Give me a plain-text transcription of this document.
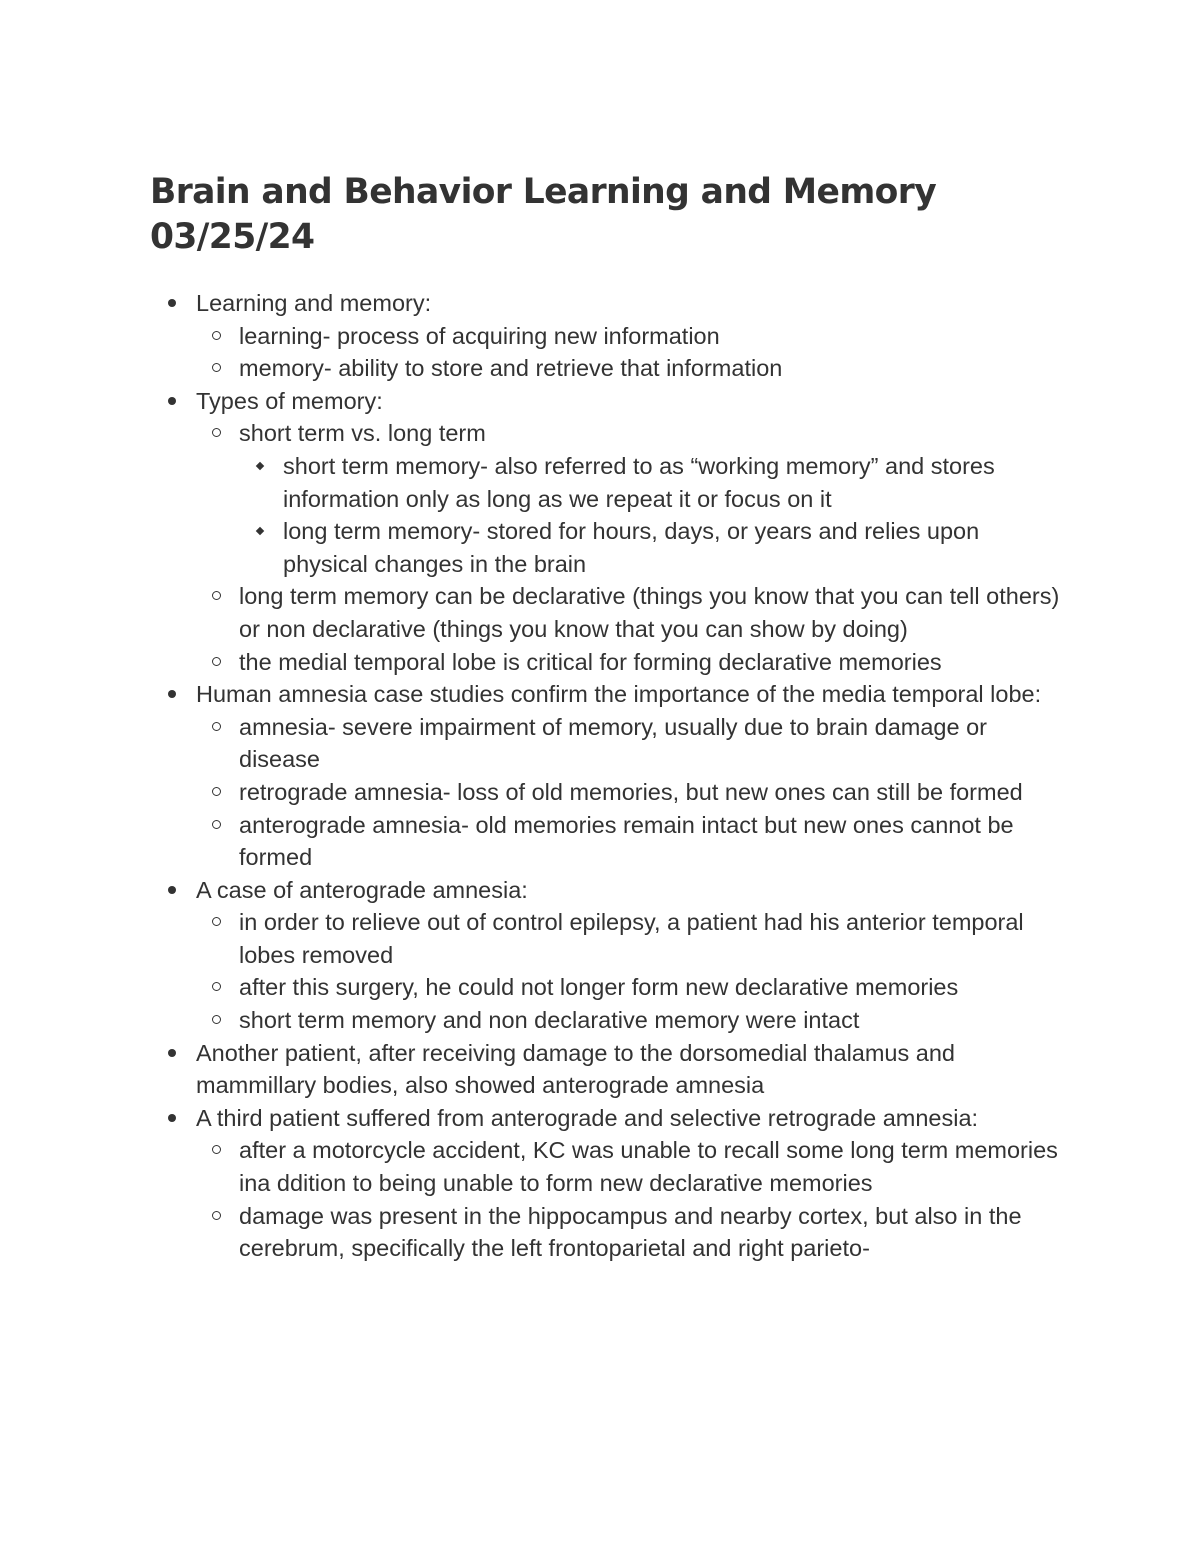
Brain and Behavior Learning and Memory 03/25/24
Learning and memory:
learning- process of acquiring new information
memory- ability to store and retrieve that information
Types of memory:
short term vs. long term
short term memory- also referred to as “working memory” and stores information only as long as we repeat it or focus on it
long term memory- stored for hours, days, or years and relies upon physical changes in the brain
long term memory can be declarative (things you know that you can tell others) or non declarative (things you know that you can show by doing)
the medial temporal lobe is critical for forming declarative memories
Human amnesia case studies confirm the importance of the media temporal lobe:
amnesia- severe impairment of memory, usually due to brain damage or disease
retrograde amnesia- loss of old memories, but new ones can still be formed
anterograde amnesia- old memories remain intact but new ones cannot be formed
A case of anterograde amnesia:
in order to relieve out of control epilepsy, a patient had his anterior temporal lobes removed
after this surgery, he could not longer form new declarative memories
short term memory and non declarative memory were intact
Another patient, after receiving damage to the dorsomedial thalamus and mammillary bodies, also showed anterograde amnesia
A third patient suffered from anterograde and selective retrograde amnesia:
after a motorcycle accident, KC was unable to recall some long term memories ina ddition to being unable to form new declarative memories
damage was present in the hippocampus and nearby cortex, but also in the cerebrum, specifically the left frontoparietal and right parieto-
